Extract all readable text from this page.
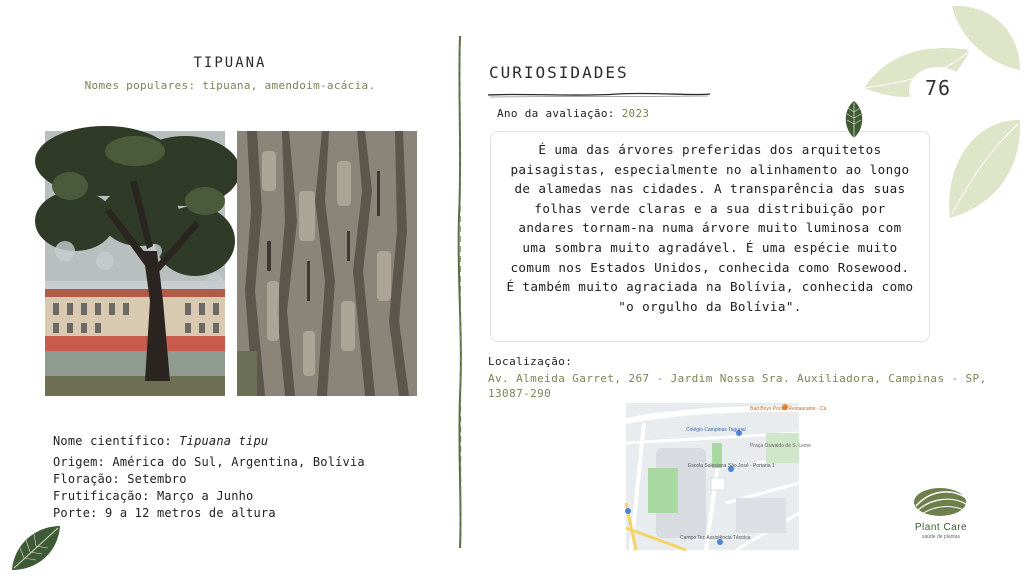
TIPUANA
Nomes populares: tipuana, amendoim-acácia.
Nome científico: Tipuana tipu
Origem: América do Sul, Argentina, Bolívia
Floração: Setembro
Frutificação: Março a Junho
Porte: 9 a 12 metros de altura
CURIOSIDADES
Ano da avaliação: 2023

É uma das árvores preferidas dos arquitetos paisagistas, especialmente no alinhamento ao longo de alamedas nas cidades. A transparência das suas folhas verde claras e a sua distribuição por andares tornam-na numa árvore muito luminosa com uma sombra muito agradável. É uma espécie muito comum nos Estados Unidos, conhecida como Rosewood. É também muito agraciada na Bolívia, conhecida como "o orgulho da Bolívia".

Localização:
Av. Almeida Garret, 267 - Jardim Nossa Sra. Auxiliadora, Campinas - SP, 13087-290
Bad Boys Pontal Restaurante - Ca
Colégio Campinas Tagurial
Praça Oswaldo de S. Leme
Escola Salesiana São José - Portaria 1
Campo Tec Assistência Técnica
76
Plant Care
saúde de plantas
